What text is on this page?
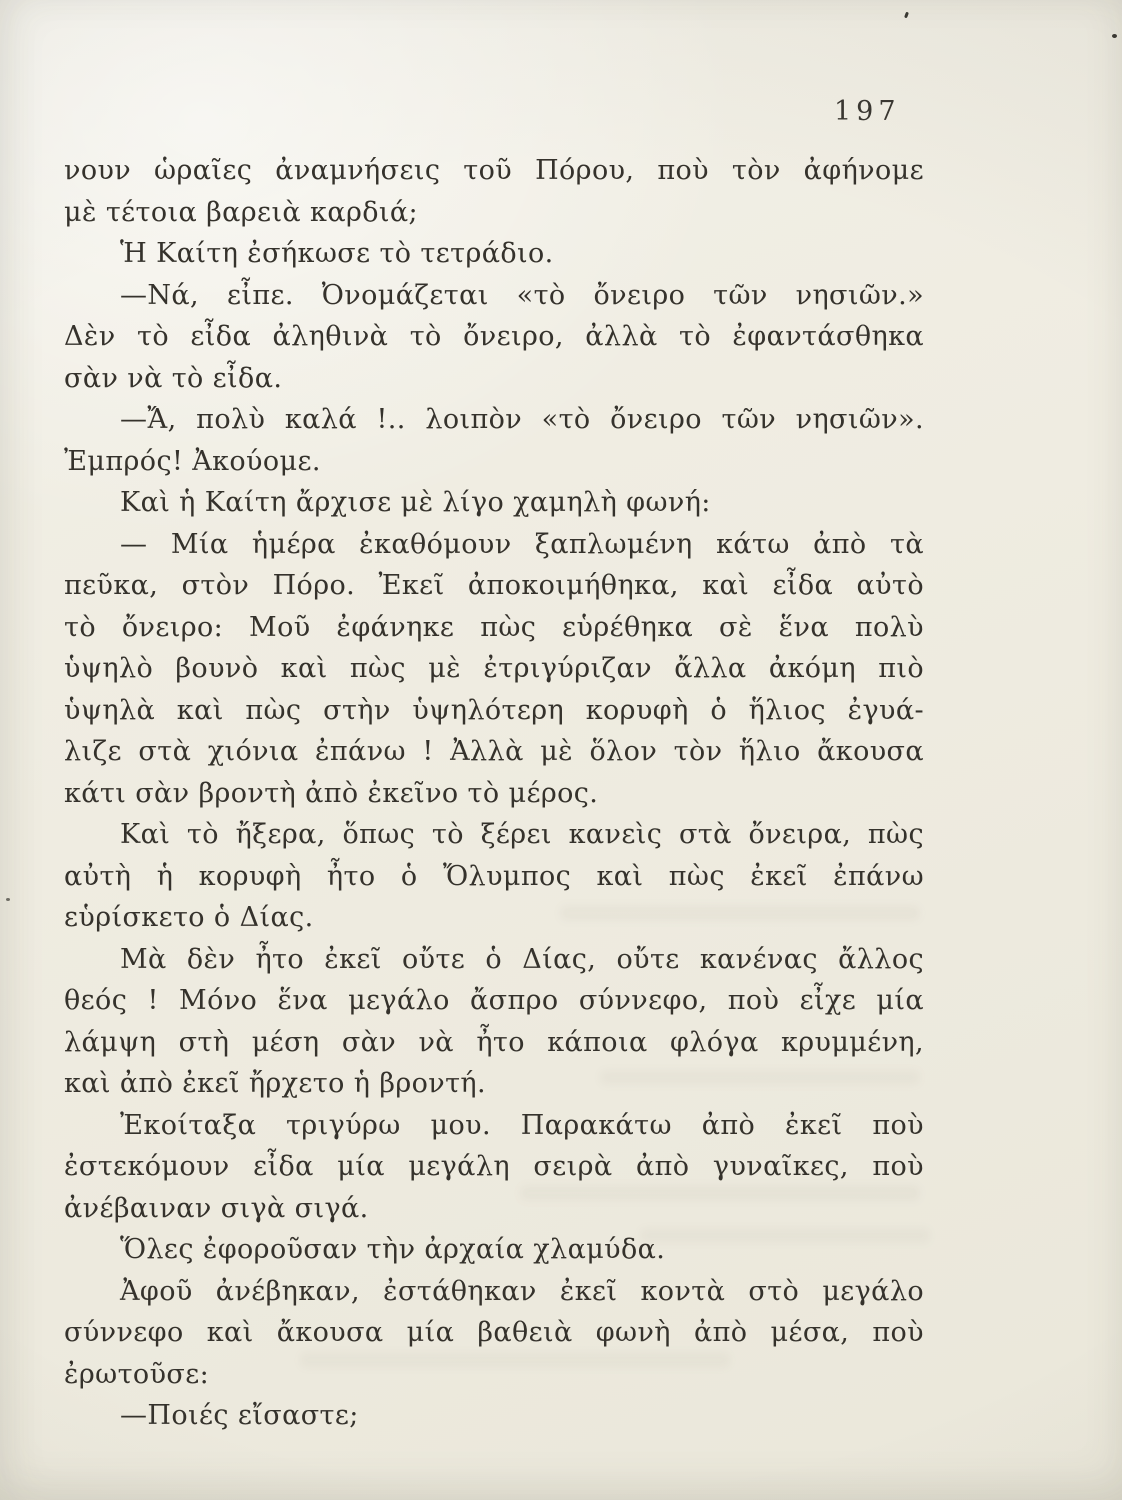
197
νουν ὡραῖες ἀναμνήσεις τοῦ Πόρου, ποὺ τὸν ἀφήνομε
μὲ τέτοια βαρειὰ καρδιά;
Ἡ Καίτη ἐσήκωσε τὸ τετράδιο.
—Νά, εἶπε. Ὀνομάζεται «τὸ ὄνειρο τῶν νησιῶν.»
Δὲν τὸ εἶδα ἀληθινὰ τὸ ὄνειρο, ἀλλὰ τὸ ἐφαντάσθηκα
σὰν νὰ τὸ εἶδα.
—Ἄ, πολὺ καλά !.. λοιπὸν «τὸ ὄνειρο τῶν νησιῶν».
Ἐμπρός! Ἀκούομε.
Καὶ ἡ Καίτη ἄρχισε μὲ λίγο χαμηλὴ φωνή:
— Μία ἡμέρα ἐκαθόμουν ξαπλωμένη κάτω ἀπὸ τὰ
πεῦκα, στὸν Πόρο. Ἐκεῖ ἀποκοιμήθηκα, καὶ εἶδα αὐτὸ
τὸ ὄνειρο: Μοῦ ἐφάνηκε πὼς εὑρέθηκα σὲ ἕνα πολὺ
ὑψηλὸ βουνὸ καὶ πὼς μὲ ἐτριγύριζαν ἄλλα ἀκόμη πιὸ
ὑψηλὰ καὶ πὼς στὴν ὑψηλότερη κορυφὴ ὁ ἥλιος ἐγυά-
λιζε στὰ χιόνια ἐπάνω ! Ἀλλὰ μὲ ὅλον τὸν ἥλιο ἄκουσα
κάτι σὰν βροντὴ ἀπὸ ἐκεῖνο τὸ μέρος.
Καὶ τὸ ἤξερα, ὅπως τὸ ξέρει κανεὶς στὰ ὄνειρα, πὼς
αὐτὴ ἡ κορυφὴ ἦτο ὁ Ὄλυμπος καὶ πὼς ἐκεῖ ἐπάνω
εὑρίσκετο ὁ Δίας.
Μὰ δὲν ἦτο ἐκεῖ οὔτε ὁ Δίας, οὔτε κανένας ἄλλος
θεός ! Μόνο ἕνα μεγάλο ἄσπρο σύννεφο, ποὺ εἶχε μία
λάμψη στὴ μέση σὰν νὰ ἦτο κάποια φλόγα κρυμμένη,
καὶ ἀπὸ ἐκεῖ ἤρχετο ἡ βροντή.
Ἐκοίταξα τριγύρω μου. Παρακάτω ἀπὸ ἐκεῖ ποὺ
ἐστεκόμουν εἶδα μία μεγάλη σειρὰ ἀπὸ γυναῖκες, ποὺ
ἀνέβαιναν σιγὰ σιγά.
Ὅλες ἐφοροῦσαν τὴν ἀρχαία χλαμύδα.
Ἀφοῦ ἀνέβηκαν, ἐστάθηκαν ἐκεῖ κοντὰ στὸ μεγάλο
σύννεφο καὶ ἄκουσα μία βαθειὰ φωνὴ ἀπὸ μέσα, ποὺ
ἐρωτοῦσε:
—Ποιές εἴσαστε;
